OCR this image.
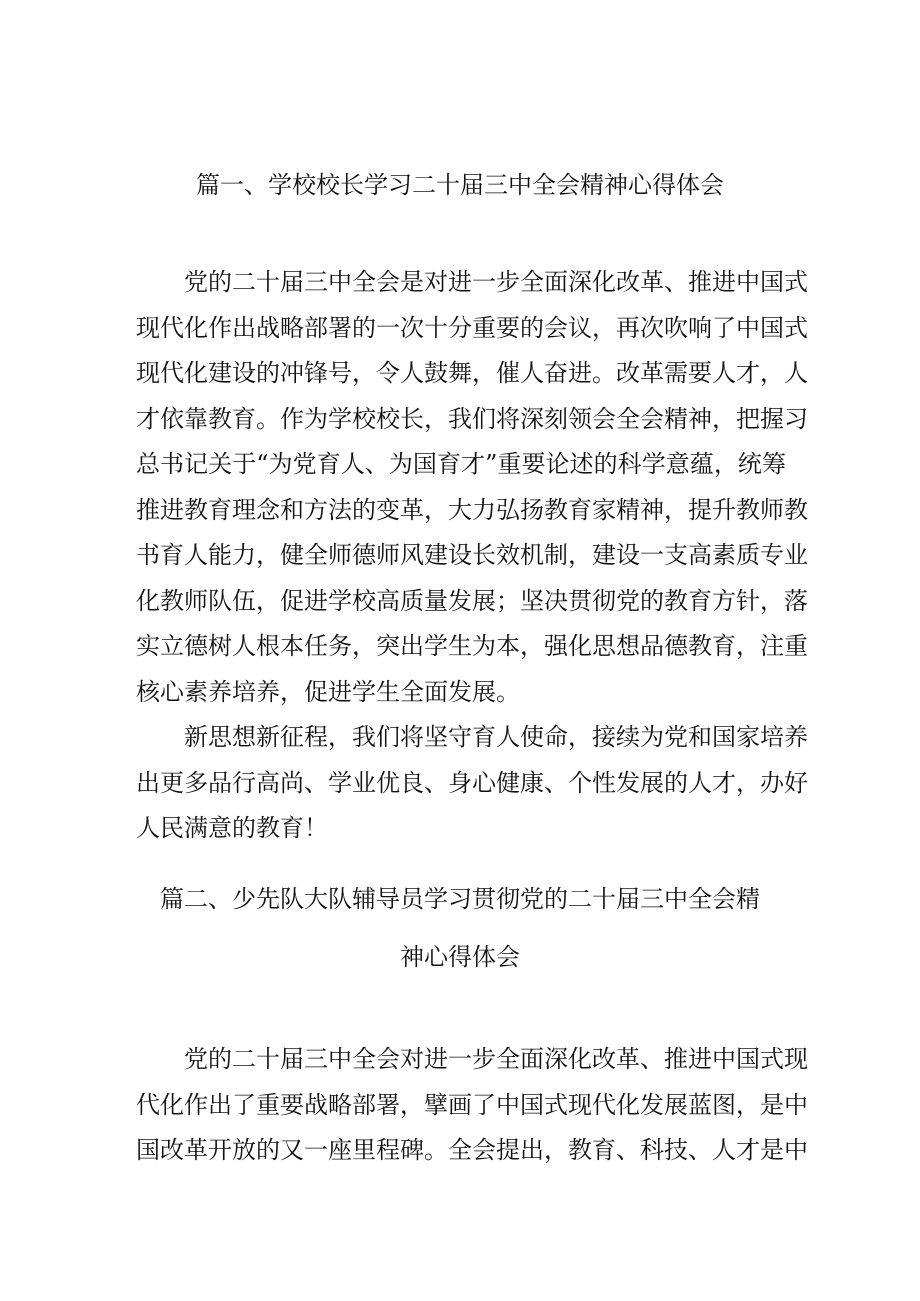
篇一、学校校长学习二十届三中全会精神心得体会
党的二十届三中全会是对进一步全面深化改革、推进中国式
现代化作出战略部署的一次十分重要的会议，再次吹响了中国式
现代化建设的冲锋号，令人鼓舞，催人奋进。改革需要人才，人
才依靠教育。作为学校校长，我们将深刻领会全会精神，把握习
总书记关于“为党育人、为国育才”重要论述的科学意蕴，统筹
推进教育理念和方法的变革，大力弘扬教育家精神，提升教师教
书育人能力，健全师德师风建设长效机制，建设一支高素质专业
化教师队伍，促进学校高质量发展；坚决贯彻党的教育方针，落
实立德树人根本任务，突出学生为本，强化思想品德教育，注重
核心素养培养，促进学生全面发展。
新思想新征程，我们将坚守育人使命，接续为党和国家培养
出更多品行高尚、学业优良、身心健康、个性发展的人才，办好
人民满意的教育！
篇二、少先队大队辅导员学习贯彻党的二十届三中全会精
神心得体会
党的二十届三中全会对进一步全面深化改革、推进中国式现
代化作出了重要战略部署，擘画了中国式现代化发展蓝图，是中
国改革开放的又一座里程碑。全会提出，教育、科技、人才是中
